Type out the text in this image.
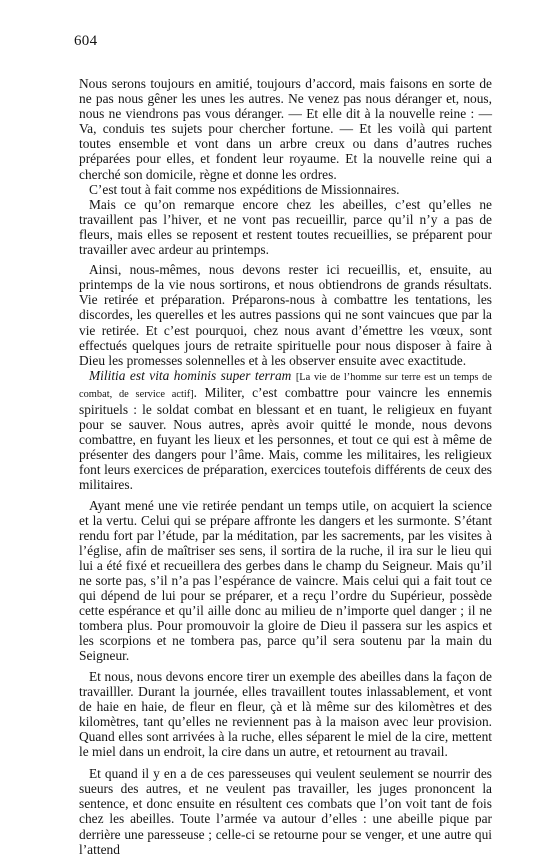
604

Nous serons toujours en amitié, toujours d’accord, mais faisons en sorte de ne pas nous gêner les unes les autres. Ne venez pas nous déranger et, nous, nous ne viendrons pas vous déranger. — Et elle dit à la nouvelle reine : — Va, conduis tes sujets pour chercher fortune. — Et les voilà qui partent toutes ensemble et vont dans un arbre creux ou dans d’autres ruches préparées pour elles, et fondent leur royaume. Et la nouvelle reine qui a cherché son domicile, règne et donne les ordres.

C’est tout à fait comme nos expéditions de Missionnaires.

Mais ce qu’on remarque encore chez les abeilles, c’est qu’elles ne travaillent pas l’hiver, et ne vont pas recueillir, parce qu’il n’y a pas de fleurs, mais elles se reposent et restent toutes recueillies, se préparent pour travailler avec ardeur au printemps.

Ainsi, nous-mêmes, nous devons rester ici recueillis, et, ensuite, au printemps de la vie nous sortirons, et nous obtiendrons de grands résultats. Vie retirée et préparation. Préparons-nous à combattre les tentations, les discordes, les querelles et les autres passions qui ne sont vaincues que par la vie retirée. Et c’est pourquoi, chez nous avant d’émettre les vœux, sont effectués quelques jours de retraite spirituelle pour nous disposer à faire à Dieu les promesses solennelles et à les observer ensuite avec exactitude.

Militia est vita hominis super terram [La vie de l’homme sur terre est un temps de combat, de service actif]. Militer, c’est combattre pour vaincre les ennemis spirituels : le soldat combat en blessant et en tuant, le religieux en fuyant pour se sauver. Nous autres, après avoir quitté le monde, nous devons combattre, en fuyant les lieux et les personnes, et tout ce qui est à même de présenter des dangers pour l’âme. Mais, comme les militaires, les religieux font leurs exercices de préparation, exercices toutefois différents de ceux des militaires.

Ayant mené une vie retirée pendant un temps utile, on acquiert la science et la vertu. Celui qui se prépare affronte les dangers et les surmonte. S’étant rendu fort par l’étude, par la méditation, par les sacrements, par les visites à l’église, afin de maîtriser ses sens, il sortira de la ruche, il ira sur le lieu qui lui a été fixé et recueillera des gerbes dans le champ du Seigneur. Mais qu’il ne sorte pas, s’il n’a pas l’espérance de vaincre. Mais celui qui a fait tout ce qui dépend de lui pour se préparer, et a reçu l’ordre du Supérieur, possède cette espérance et qu’il aille donc au milieu de n’importe quel danger ; il ne tombera plus. Pour promouvoir la gloire de Dieu il passera sur les aspics et les scorpions et ne tombera pas, parce qu’il sera soutenu par la main du Seigneur.

Et nous, nous devons encore tirer un exemple des abeilles dans la façon de travailller. Durant la journée, elles travaillent toutes inlassablement, et vont de haie en haie, de fleur en fleur, çà et là même sur des kilomètres et des kilomètres, tant qu’elles ne reviennent pas à la maison avec leur provision. Quand elles sont arrivées à la ruche, elles séparent le miel de la cire, mettent le miel dans un endroit, la cire dans un autre, et retournent au travail.

Et quand il y en a de ces paresseuses qui veulent seulement se nourrir des sueurs des autres, et ne veulent pas travailler, les juges prononcent la sentence, et donc ensuite en résultent ces combats que l’on voit tant de fois chez les abeilles. Toute l’armée va autour d’elles : une abeille pique par derrière une paresseuse ; celle-ci se retourne pour se venger, et une autre qui l’attend
